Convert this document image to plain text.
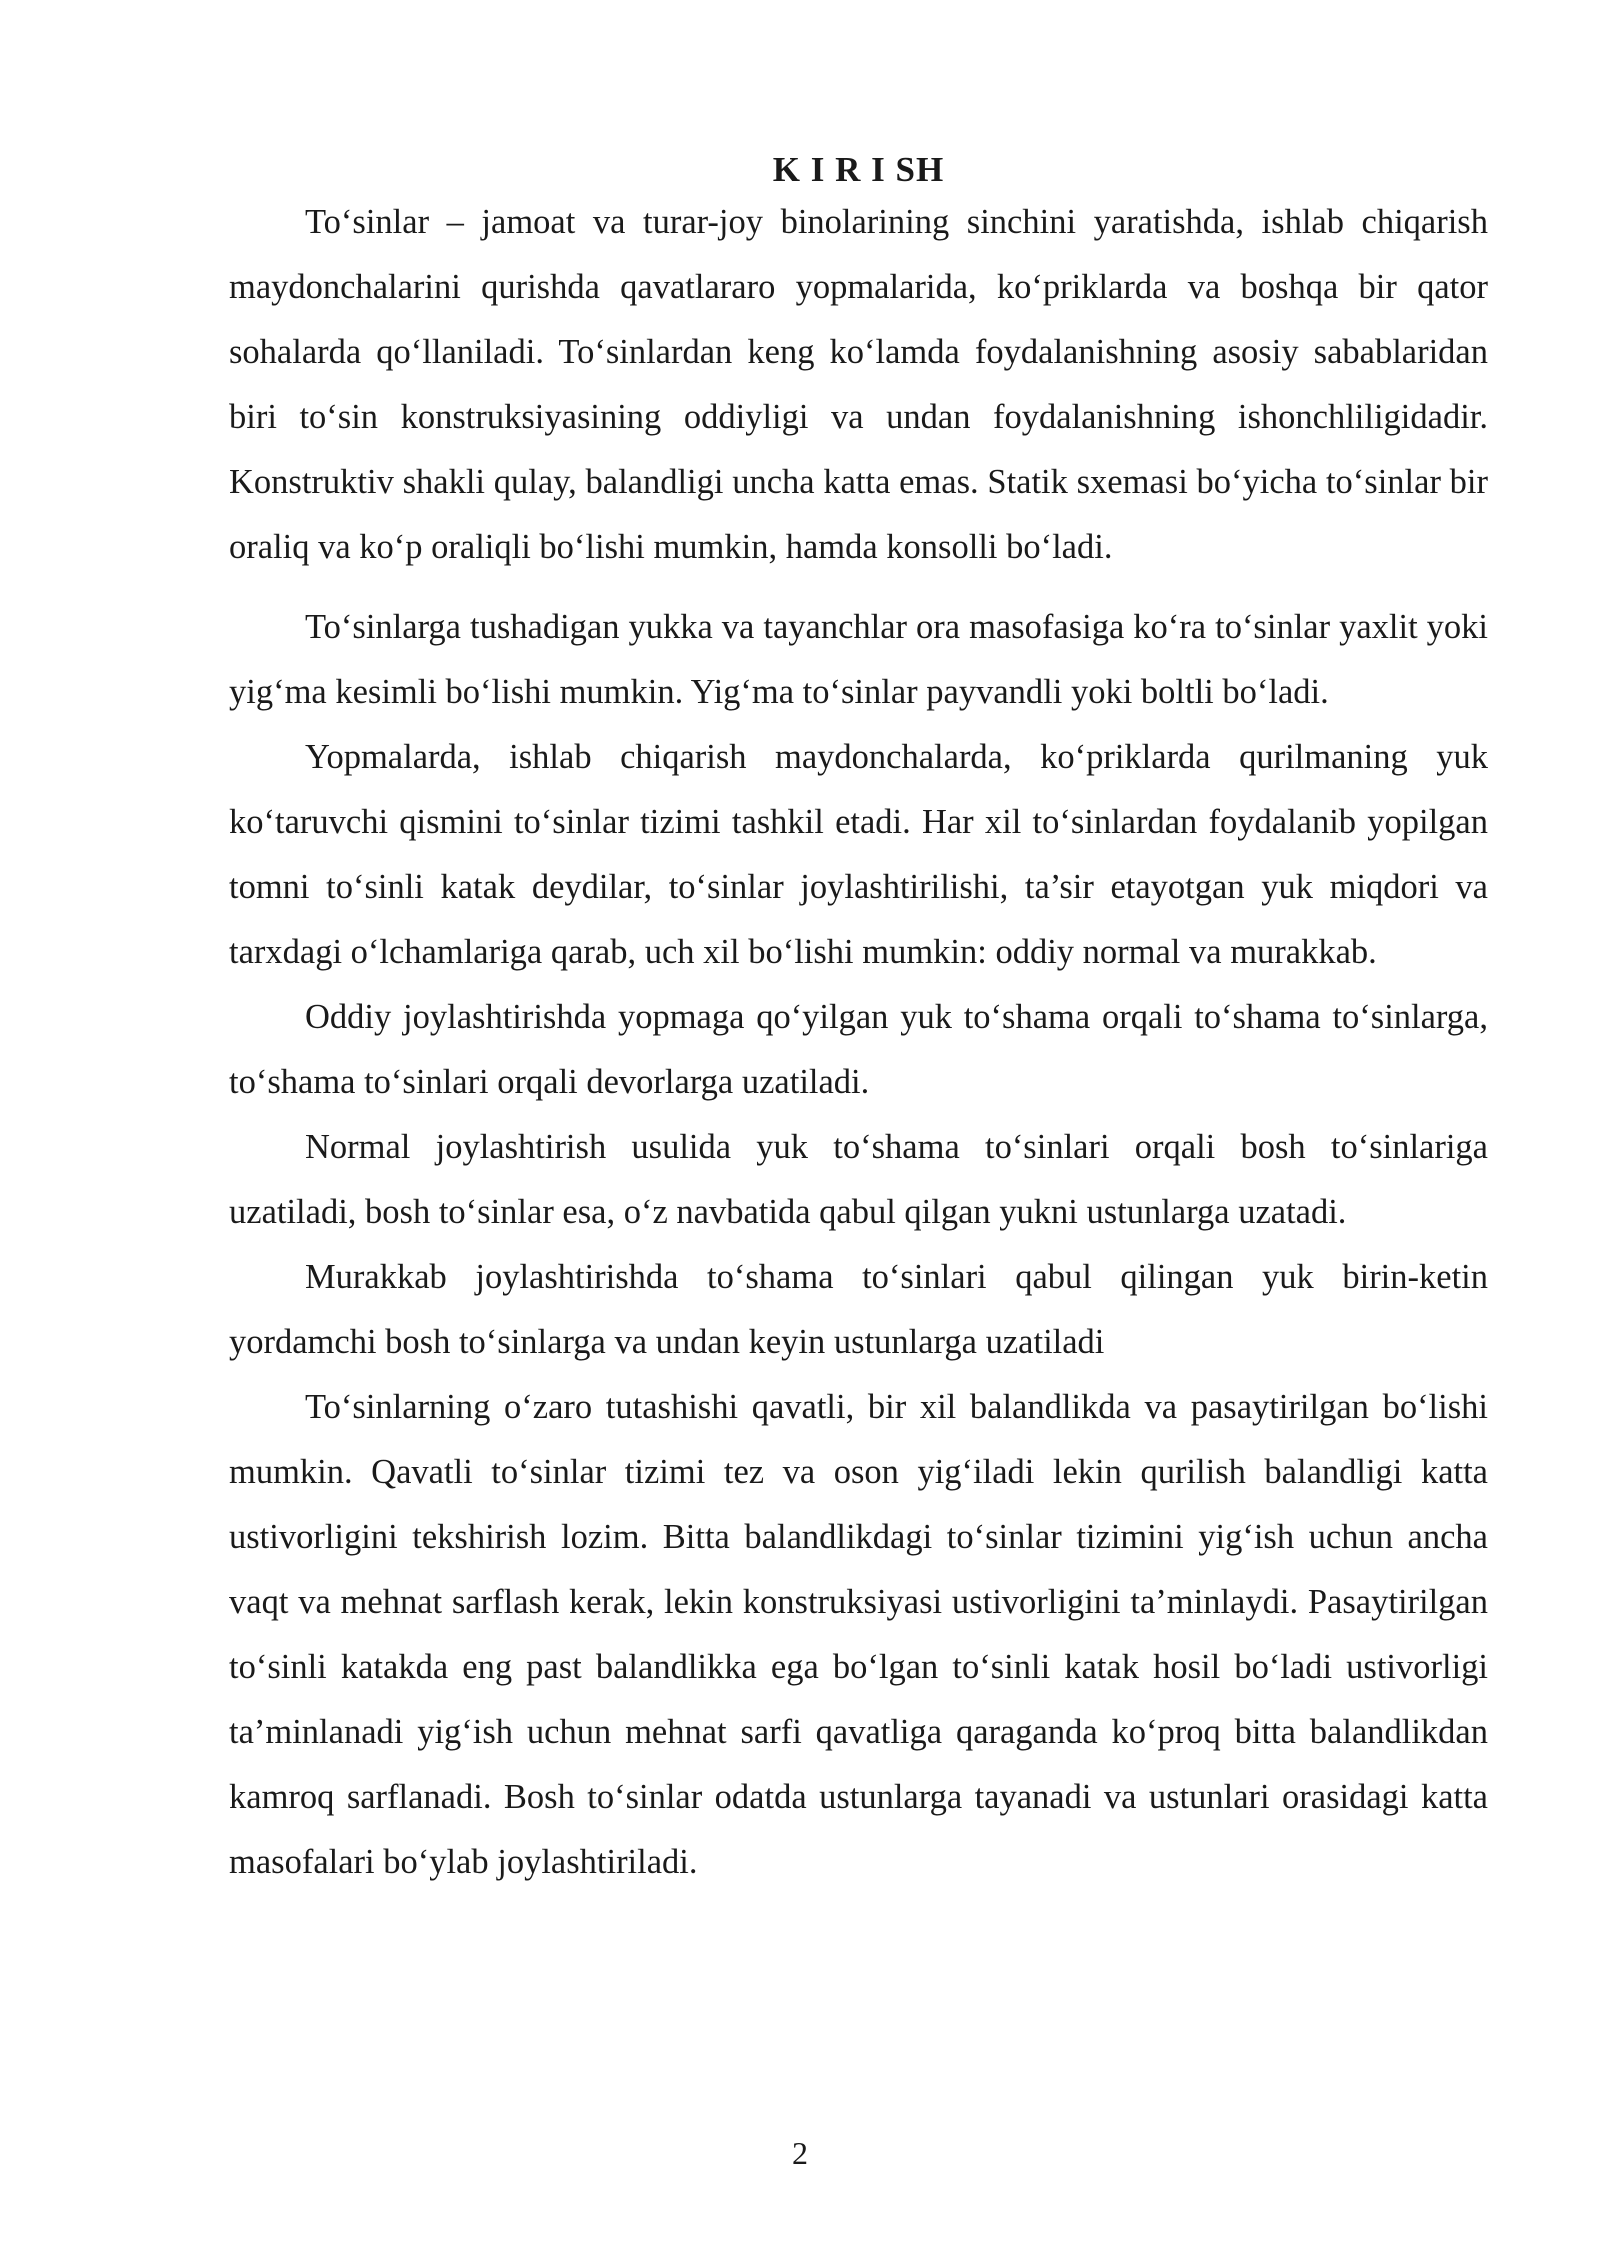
K I R I SH

To‘sinlar – jamoat va turar-joy binolarining sinchini yaratishda, ishlab chiqarish maydonchalarini qurishda qavatlararo yopmalarida, ko‘priklarda va boshqa bir qator sohalarda qo‘llaniladi. To‘sinlardan keng ko‘lamda foydalanishning asosiy sabablaridan biri to‘sin konstruksiyasining oddiyligi va undan foydalanishning ishonchliligidadir. Konstruktiv shakli qulay, balandligi uncha katta emas. Statik sxemasi bo‘yicha to‘sinlar bir oraliq va ko‘p oraliqli bo‘lishi mumkin, hamda konsolli bo‘ladi.

To‘sinlarga tushadigan yukka va tayanchlar ora masofasiga ko‘ra to‘sinlar yaxlit yoki yig‘ma kesimli bo‘lishi mumkin. Yig‘ma to‘sinlar payvandli yoki boltli bo‘ladi.

Yopmalarda, ishlab chiqarish maydonchalarda, ko‘priklarda qurilmaning yuk ko‘taruvchi qismini to‘sinlar tizimi tashkil etadi. Har xil to‘sinlardan foydalanib yopilgan tomni to‘sinli katak deydilar, to‘sinlar joylashtirilishi, ta’sir etayotgan yuk miqdori va tarxdagi o‘lchamlariga qarab, uch xil bo‘lishi mumkin: oddiy normal va murakkab.

Oddiy joylashtirishda yopmaga qo‘yilgan yuk to‘shama orqali to‘shama to‘sinlarga, to‘shama to‘sinlari orqali devorlarga uzatiladi.

Normal joylashtirish usulida yuk to‘shama to‘sinlari orqali bosh to‘sinlariga uzatiladi, bosh to‘sinlar esa, o‘z navbatida qabul qilgan yukni ustunlarga uzatadi.

Murakkab joylashtirishda to‘shama to‘sinlari qabul qilingan yuk birin-ketin yordamchi bosh to‘sinlarga va undan keyin ustunlarga uzatiladi

To‘sinlarning o‘zaro tutashishi qavatli, bir xil balandlikda va pasaytirilgan bo‘lishi mumkin. Qavatli to‘sinlar tizimi tez va oson yig‘iladi lekin qurilish balandligi katta ustivorligini tekshirish lozim. Bitta balandlikdagi to‘sinlar tizimini yig‘ish uchun ancha vaqt va mehnat sarflash kerak, lekin konstruksiyasi ustivorligini ta’minlaydi. Pasaytirilgan to‘sinli katakda eng past balandlikka ega bo‘lgan to‘sinli katak hosil bo‘ladi ustivorligi ta’minlanadi yig‘ish uchun mehnat sarfi qavatliga qaraganda ko‘proq bitta balandlikdan kamroq sarflanadi. Bosh to‘sinlar odatda ustunlarga tayanadi va ustunlari orasidagi katta masofalari bo‘ylab joylashtiriladi.

2
